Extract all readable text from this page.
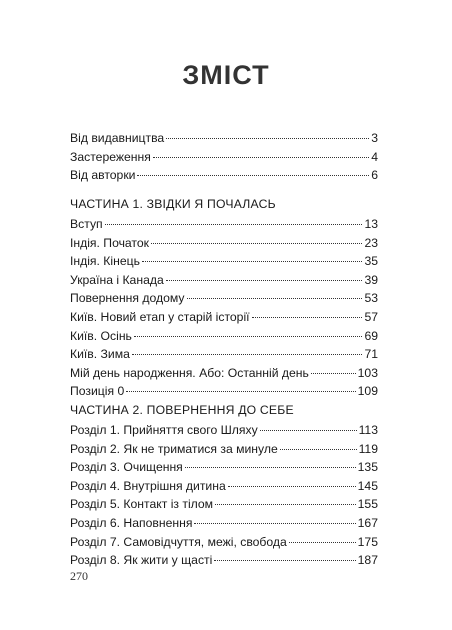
ЗМІСТ
Від видавництва	3
Застереження	4
Від авторки	6
ЧАСТИНА 1. ЗВІДКИ Я ПОЧАЛАСЬ
Вступ	13
Індія. Початок	23
Індія. Кінець	35
Україна і Канада	39
Повернення додому	53
Київ. Новий етап у старій історії	57
Київ. Осінь	69
Київ. Зима	71
Мій день народження. Або: Останній день	103
Позиція 0	109
ЧАСТИНА 2. ПОВЕРНЕННЯ ДО СЕБЕ
Розділ 1. Прийняття свого Шляху	113
Розділ 2. Як не триматися за минуле	119
Розділ 3. Очищення	135
Розділ 4. Внутрішня дитина	145
Розділ 5. Контакт із тілом	155
Розділ 6. Наповнення	167
Розділ 7. Самовідчуття, межі, свобода	175
Розділ 8. Як жити у щасті	187
270
